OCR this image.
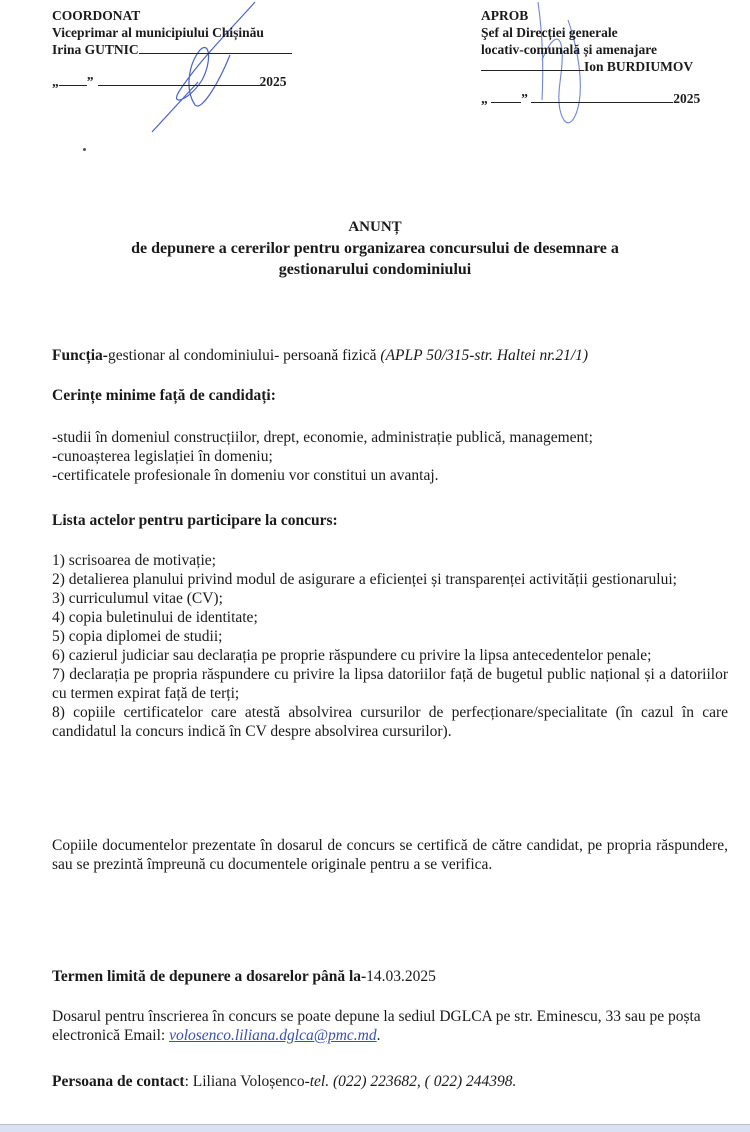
COORDONAT
Viceprimar al municipiului Chișinău
Irina GUTNIC
„ ”	2025
APROB
Şef al Direcției generale
locativ-comunală și amenajare
Ion BURDIUMOV
„ ”	2025
ANUNȚ
de depunere a cererilor pentru organizarea concursului de desemnare a
gestionarului condominiului
Funcția-gestionar al condominiului- persoană fizică (APLP 50/315-str. Haltei nr.21/1)
Cerințe minime față de candidați:
-studii în domeniul construcțiilor, drept, economie, administrație publică, management;
-cunoașterea legislației în domeniu;
-certificatele profesionale în domeniu vor constitui un avantaj.
Lista actelor pentru participare la concurs:
1) scrisoarea de motivație;
2) detalierea planului privind modul de asigurare a eficienței și transparenței activității gestionarului;
3) curriculumul vitae (CV);
4) copia buletinului de identitate;
5) copia diplomei de studii;
6) cazierul judiciar sau declarația pe proprie răspundere cu privire la lipsa antecedentelor penale;
7) declarația pe propria răspundere cu privire la lipsa datoriilor față de bugetul public național și a datoriilor cu termen expirat față de terți;
8) copiile certificatelor care atestă absolvirea cursurilor de perfecționare/specialitate (în cazul în care candidatul la concurs indică în CV despre absolvirea cursurilor).
Copiile documentelor prezentate în dosarul de concurs se certifică de către candidat, pe propria răspundere, sau se prezintă împreună cu documentele originale pentru a se verifica.
Termen limită de depunere a dosarelor până la-14.03.2025
Dosarul pentru înscrierea în concurs se poate depune la sediul DGLCA pe str. Eminescu, 33 sau pe poșta electronică Email: volosenco.liliana.dglca@pmc.md.
Persoana de contact: Liliana Voloșenco-tel. (022) 223682, ( 022) 244398.
